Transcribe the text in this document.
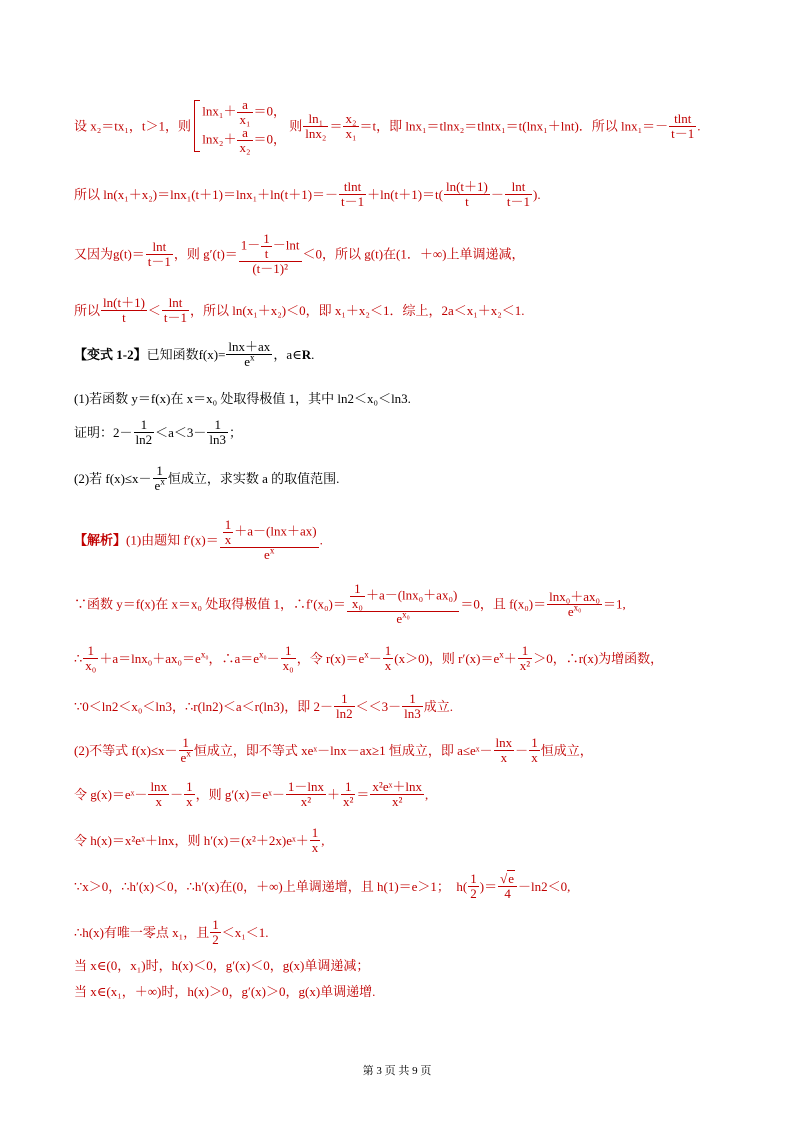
设 x₂＝tx₁，t＞1，则
$\ln x_1+ \frac{a}{\text{x₁}} =0$，
$\ln x_2+ \frac{a}{\text{x₂}} =0$，
则 $\frac{\text{ln₁}}{\text{lnx₂}} = \frac{\text{x₂}}{\text{x₁}} =t$，即 lnx₁＝tlnx₂＝tlntx₁＝t(lnx₁＋lnt)．所以 $\ln x_1=- \frac{tlnt}{t-1}$ .
所以 $\ln(x_1+x_2)=\ln x_1(t+1)=\ln x_1+\ln(t+1)=- \frac{tlnt}{t-1} +\ln(t+1)=t( \frac{\ln(t+1)}{t} - \frac{\ln t}{t-1}$ ).
又因为$g(t)= \frac{\ln t}{t-1}$ ，则 $g'(t)= \frac{1- \frac{1}{t} -\ln t}{\text{(t－1)²}} <0$，所以 g(t)在(1．＋∞)上单调递减，
所以 $\frac{\ln(t+1)}{t} < \frac{\ln t}{t-1}$ ，所以 ln(x₁＋x₂)＜0，即 x₁＋x₂＜1．综上，2a＜x₁＋x₂＜1.
【变式 1-2】已知函数$f(x)= \frac{\ln x+ax}{e^x}$ ，a∈R.
(1)若函数 y＝f(x)在 x＝x₀ 处取得极值 1，其中 ln2＜x₀＜ln3.
证明：$2- \frac{1}{\ln 2} <a<3- \frac{1}{\ln 3}$ ；
(2)若 $f(x)\le x- \frac{1}{e^x}$ 恒成立，求实数 a 的取值范围.
【解析】(1)由题知 $f'(x)= \frac{\frac{1}{x} +a-(\ln x+ax)}{e^x}$ .
∵函数 y＝f(x)在 x＝x₀ 处取得极值 1，∴f′(x₀)＝ $\frac{\frac{1}{\text{x₀}} +a-(\ln x_0+ax_0)}{e^{x_0}} =0$，且 $f(x_0)= \frac{\text{lnx₀＋ax₀}}{e^{x_0}} =1$,
∴ $\frac{1}{\text{x₀}} +a=\ln x_0+ax_0=e^{x_0}$，$\therefore a=e^{x_0}- \frac{1}{\text{x₀}}$ ，令 $r(x)=e^x- \frac{1}{x} (x>0)$，则 $r'(x)=e^x+ \frac{1}{\text{x²}} >0$，∴r(x)为增函数，
∵0＜ln2＜x₀＜ln3，∴r(ln2)＜a＜r(ln3)，即 $2- \frac{1}{\ln 2} <<3- \frac{1}{\ln 3}$ 成立.
(2)不等式 $f(x)\le x- \frac{1}{e^x}$ 恒成立，即不等式 xeˣ－lnx－ax≥1 恒成立，即 a≤eˣ－ $\frac{\ln x}{x} - \frac{1}{x}$ 恒成立，
令 g(x)＝eˣ－ $\frac{\ln x}{x} - \frac{1}{x}$ ，则 g′(x)＝eˣ－ $\frac{1-\ln x}{\text{x²}} + \frac{1}{\text{x²}} = \frac{\text{x²eˣ＋lnx}}{\text{x²}}$ ,
令 h(x)＝x²eˣ＋lnx，则 h′(x)＝(x²＋2x)eˣ＋ $\frac{1}{x}$ ,
∵x＞0，∴h′(x)＜0，∴h′(x)在(0，＋∞)上单调递增，且 h(1)＝e＞1；　$h( \frac{1}{2}$ )＝ $\frac{√e}{4} -\ln 2<0$,
∴h(x)有唯一零点 x₁，且 $\frac{1}{2} <x_1<1$.
当 x∈(0，x₁)时，h(x)＜0，g′(x)＜0，g(x)单调递减；
当 x∈(x₁，＋∞)时，h(x)＞0，g′(x)＞0，g(x)单调递增.
第 3 页 共 9 页
